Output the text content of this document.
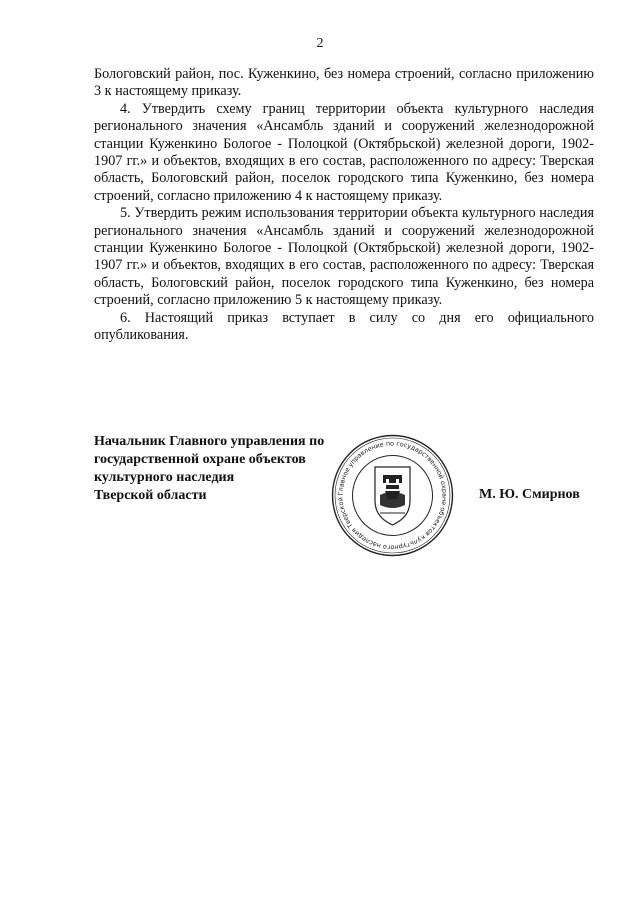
2

Бологовский район, пос. Куженкино, без номера строений, согласно приложению 3 к настоящему приказу.

4. Утвердить схему границ территории объекта культурного наследия регионального значения «Ансамбль зданий и сооружений железнодорожной станции Куженкино Бологое - Полоцкой (Октябрьской) железной дороги, 1902-1907 гг.» и объектов, входящих в его состав, расположенного по адресу: Тверская область, Бологовский район, поселок городского типа Куженкино, без номера строений, согласно приложению 4 к настоящему приказу.

5. Утвердить режим использования территории объекта культурного наследия регионального значения «Ансамбль зданий и сооружений железнодорожной станции Куженкино Бологое - Полоцкой (Октябрьской) железной дороги, 1902-1907 гг.» и объектов, входящих в его состав, расположенного по адресу: Тверская область, Бологовский район, поселок городского типа Куженкино, без номера строений, согласно приложению 5 к настоящему приказу.

6. Настоящий приказ вступает в силу со дня его официального опубликования.

Начальник Главного управления по
государственной охране объектов
культурного наследия
Тверской области	Главное управление по государственной охране объектов культурного наследия Тверской	М. Ю. Смирнов
